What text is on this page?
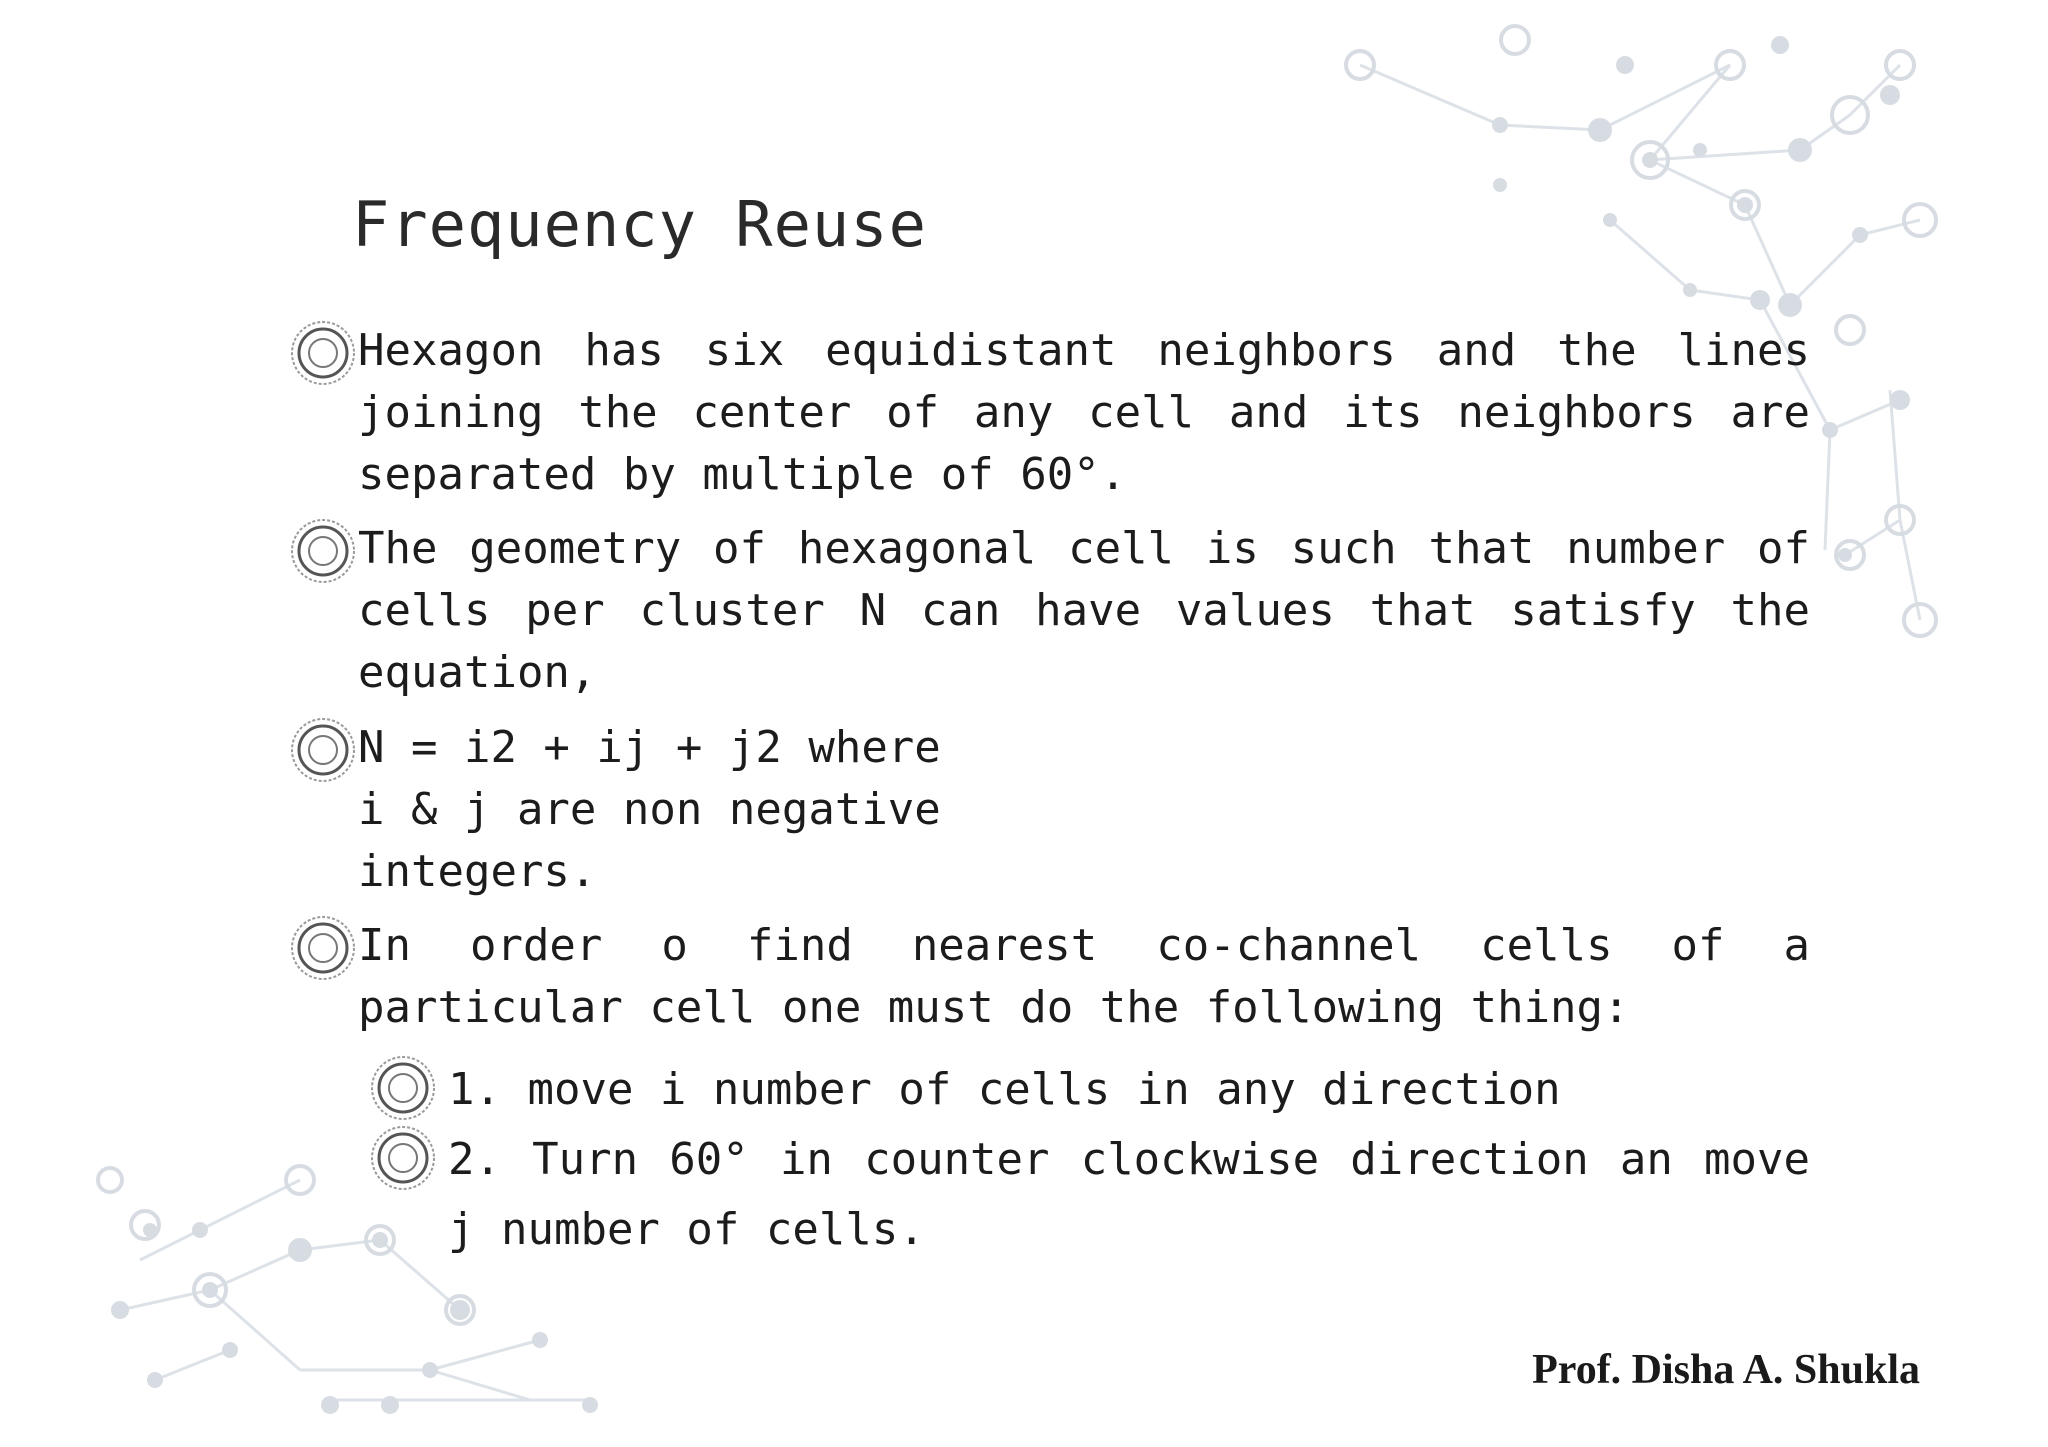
Frequency Reuse
Hexagon has six equidistant neighbors and the lines joining the center of any cell and its neighbors are separated by multiple of 60°.
The geometry of hexagonal cell is such that number of cells per cluster N can have values that satisfy the equation,
N = i2 + ij + j2 where i & j are non negative integers.
In order o find nearest co-channel cells of a particular cell one must do the following thing:
1. move i number of cells in any direction
2. Turn 60° in counter clockwise direction an move j number of cells.
Prof. Disha A. Shukla
